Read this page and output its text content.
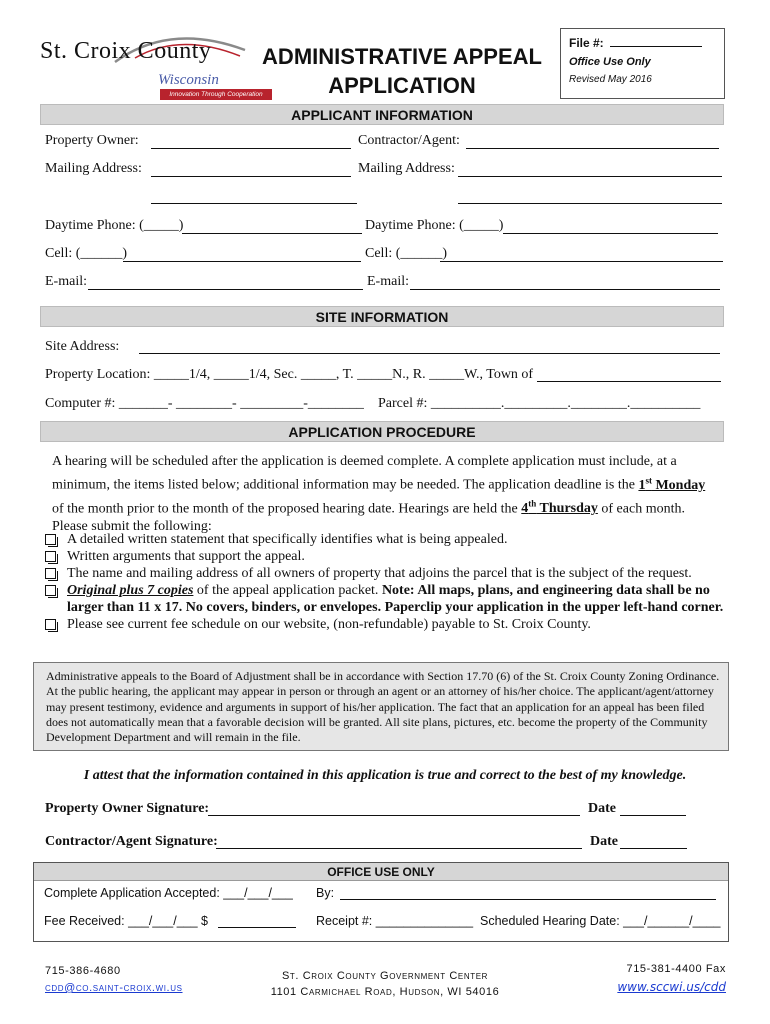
St. Croix County
Wisconsin
Innovation Through Cooperation
ADMINISTRATIVE APPEAL
APPLICATION
File #:
Office Use Only
Revised May 2016
APPLICANT INFORMATION
Property Owner:	Contractor/Agent:
Mailing Address:	Mailing Address:
Daytime Phone: (_____)	Daytime Phone: (_____)
Cell: (______)	Cell: (______)
E-mail:	E-mail:
SITE INFORMATION
Site Address:
Property Location: _____1/4, _____1/4, Sec. _____, T. _____N., R. _____W., Town of
Computer #: _______- ________- _________-________ Parcel #: __________._________.________.__________
APPLICATION PROCEDURE
A hearing will be scheduled after the application is deemed complete. A complete application must include, at a minimum, the items listed below; additional information may be needed. The application deadline is the 1st Monday of the month prior to the month of the proposed hearing date. Hearings are held the 4th Thursday of each month. Please submit the following:
A detailed written statement that specifically identifies what is being appealed.
Written arguments that support the appeal.
The name and mailing address of all owners of property that adjoins the parcel that is the subject of the request.
Original plus 7 copies of the appeal application packet. Note: All maps, plans, and engineering data shall be no larger than 11 x 17. No covers, binders, or envelopes. Paperclip your application in the upper left-hand corner.
Please see current fee schedule on our website, (non-refundable) payable to St. Croix County.
Administrative appeals to the Board of Adjustment shall be in accordance with Section 17.70 (6) of the St. Croix County Zoning Ordinance. At the public hearing, the applicant may appear in person or through an agent or an attorney of his/her choice. The applicant/agent/attorney may present testimony, evidence and arguments in support of his/her application. The fact that an application for an appeal has been filed does not automatically mean that a favorable decision will be granted. All site plans, pictures, etc. become the property of the Community Development Department and will remain in the file.
I attest that the information contained in this application is true and correct to the best of my knowledge.
Property Owner Signature:	Date
Contractor/Agent Signature:	Date
OFFICE USE ONLY
Complete Application Accepted: ___/___/___ By:
Fee Received: ___/___/___ $	Receipt #: ______________ Scheduled Hearing Date: ___/______/____
715-386-4680
cdd@co.saint-croix.wi.us
St. Croix County Government Center
1101 Carmichael Road, Hudson, WI 54016
715-381-4400 Fax
www.sccwi.us/cdd
